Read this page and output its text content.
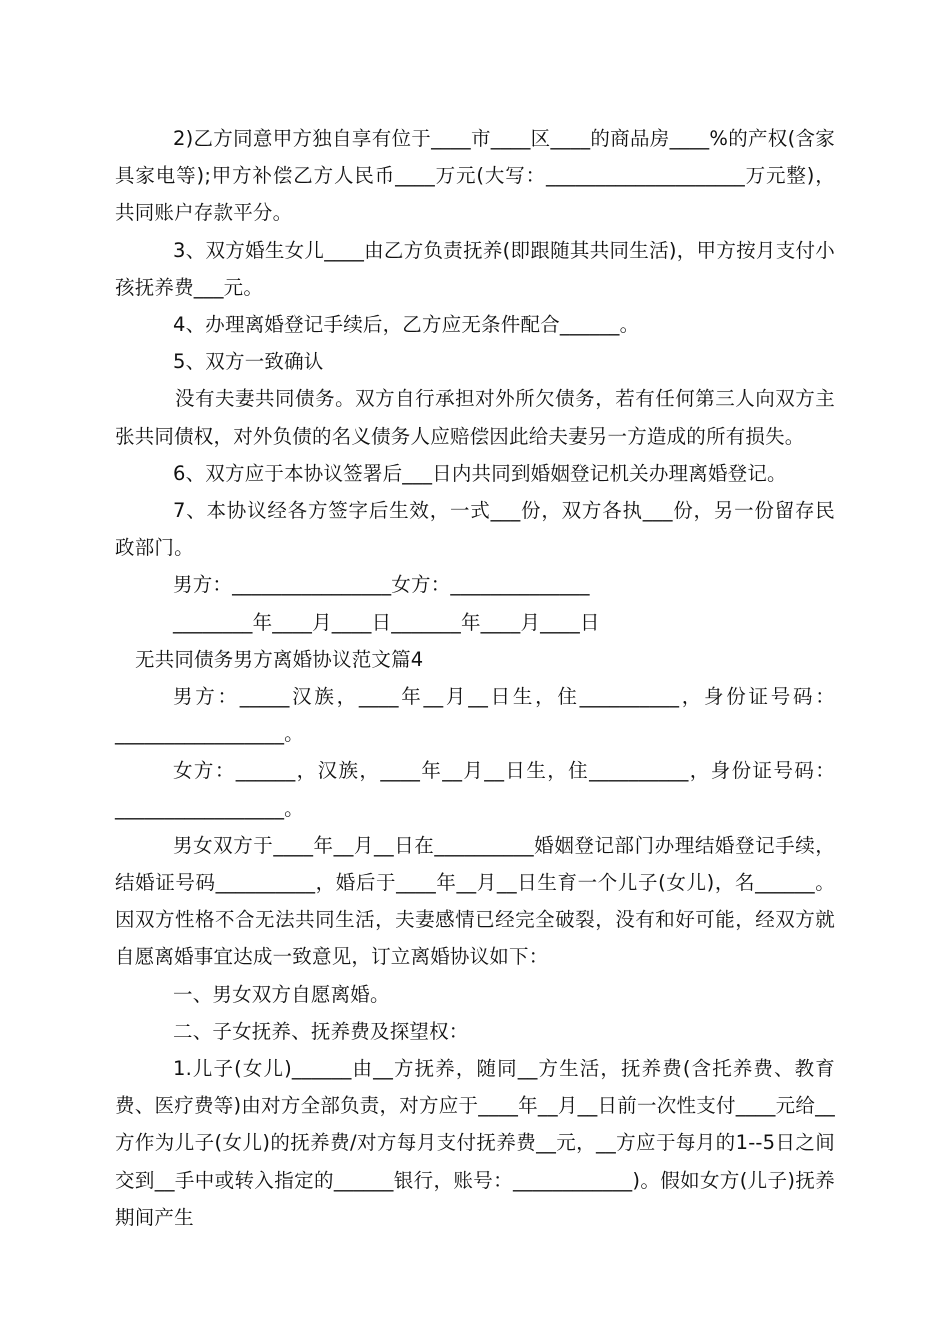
2)乙方同意甲方独自享有位于____市____区____的商品房____%的产权(含家具家电等);甲方补偿乙方人民币____万元(大写：____________________万元整)，共同账户存款平分。

3、双方婚生女儿____由乙方负责抚养(即跟随其共同生活)，甲方按月支付小孩抚养费___元。

4、办理离婚登记手续后，乙方应无条件配合______。

5、双方一致确认

没有夫妻共同债务。双方自行承担对外所欠债务，若有任何第三人向双方主张共同债权，对外负债的名义债务人应赔偿因此给夫妻另一方造成的所有损失。

6、双方应于本协议签署后___日内共同到婚姻登记机关办理离婚登记。

7、本协议经各方签字后生效，一式___份，双方各执___份，另一份留存民政部门。

男方：________________女方：______________

________年____月____日_______年____月____日

无共同债务男方离婚协议范文篇4

男方：_____汉族，____年__月__日生，住__________，身份证号码：_________________。

女方：______，汉族，____年__月__日生，住__________，身份证号码：_________________。

男女双方于____年__月__日在__________婚姻登记部门办理结婚登记手续，结婚证号码__________，婚后于____年__月__日生育一个儿子(女儿)，名______。因双方性格不合无法共同生活，夫妻感情已经完全破裂，没有和好可能，经双方就自愿离婚事宜达成一致意见，订立离婚协议如下：

一、男女双方自愿离婚。

二、子女抚养、抚养费及探望权：

1.儿子(女儿)______由__方抚养，随同__方生活，抚养费(含托养费、教育费、医疗费等)由对方全部负责，对方应于____年__月__日前一次性支付____元给__方作为儿子(女儿)的抚养费/对方每月支付抚养费__元，__方应于每月的1--5日之间交到__手中或转入指定的______银行，账号：____________)。假如女方(儿子)抚养期间产生
